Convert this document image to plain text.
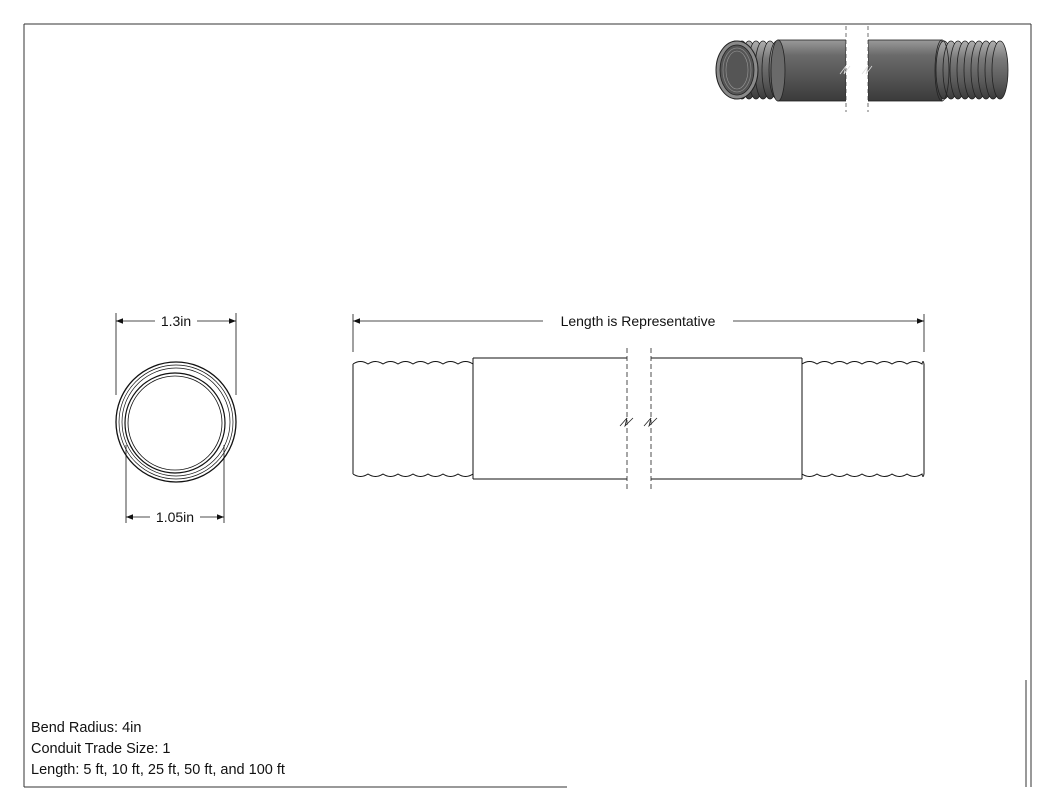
1.3in
1.05in
Length is Representative
Bend Radius: 4in
Conduit Trade Size: 1
Length: 5 ft, 10 ft, 25 ft, 50 ft, and 100 ft
